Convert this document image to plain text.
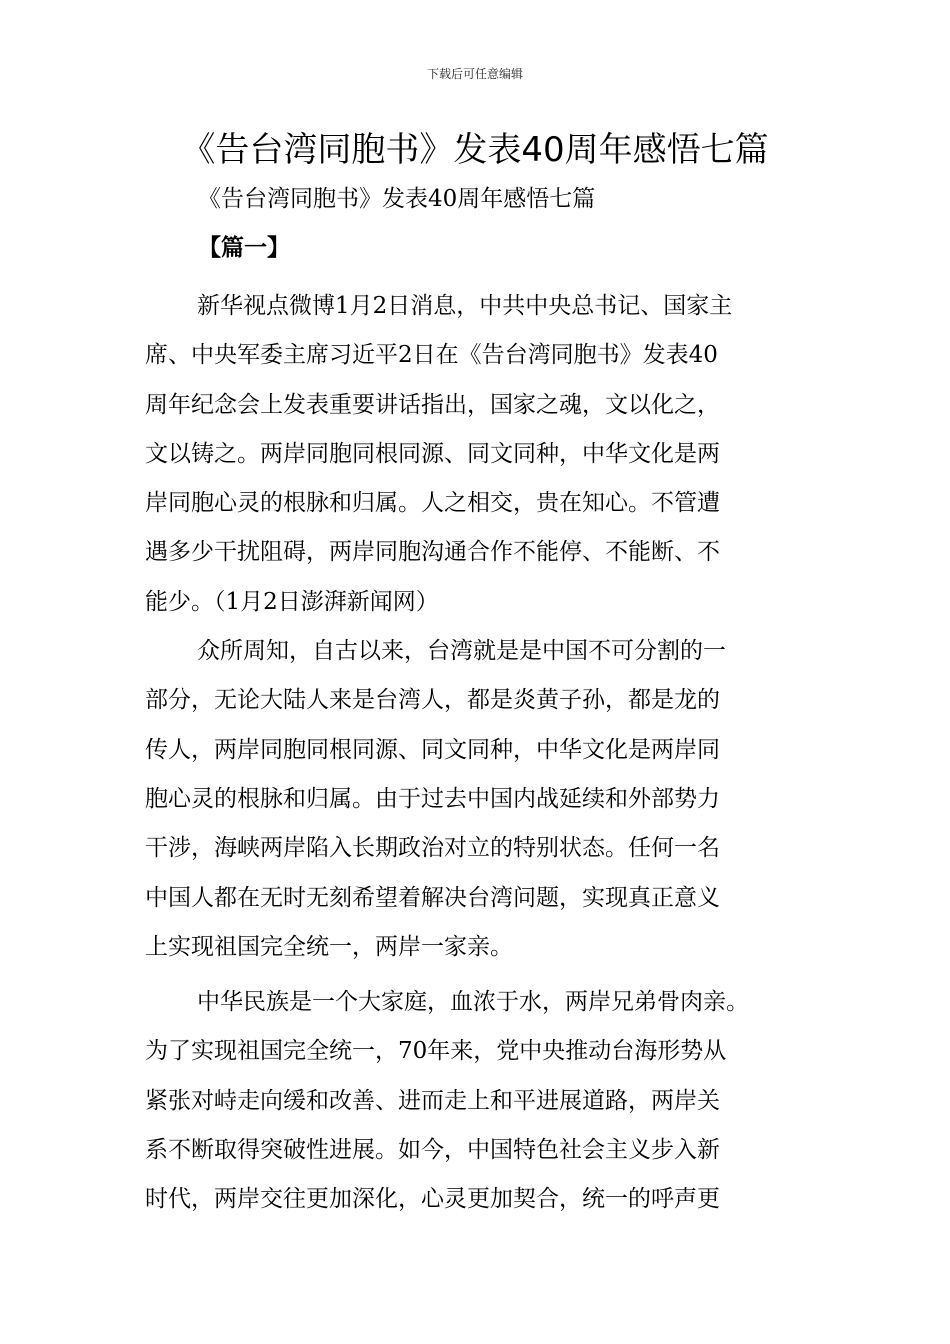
下载后可任意编辑
《告台湾同胞书》发表40周年感悟七篇
《告台湾同胞书》发表40周年感悟七篇
【篇一】

新华视点微博1月2日消息，中共中央总书记、国家主
席、中央军委主席习近平2日在《告台湾同胞书》发表40
周年纪念会上发表重要讲话指出，国家之魂，文以化之，
文以铸之。两岸同胞同根同源、同文同种，中华文化是两
岸同胞心灵的根脉和归属。人之相交，贵在知心。不管遭
遇多少干扰阻碍，两岸同胞沟通合作不能停、不能断、不
能少。（1月2日澎湃新闻网）

众所周知，自古以来，台湾就是是中国不可分割的一
部分，无论大陆人来是台湾人，都是炎黄子孙，都是龙的
传人，两岸同胞同根同源、同文同种，中华文化是两岸同
胞心灵的根脉和归属。由于过去中国内战延续和外部势力
干涉，海峡两岸陷入长期政治对立的特别状态。任何一名
中国人都在无时无刻希望着解决台湾问题，实现真正意义
上实现祖国完全统一，两岸一家亲。

中华民族是一个大家庭，血浓于水，两岸兄弟骨肉亲。
为了实现祖国完全统一，70年来，党中央推动台海形势从
紧张对峙走向缓和改善、进而走上和平进展道路，两岸关
系不断取得突破性进展。如今，中国特色社会主义步入新
时代，两岸交往更加深化，心灵更加契合，统一的呼声更
